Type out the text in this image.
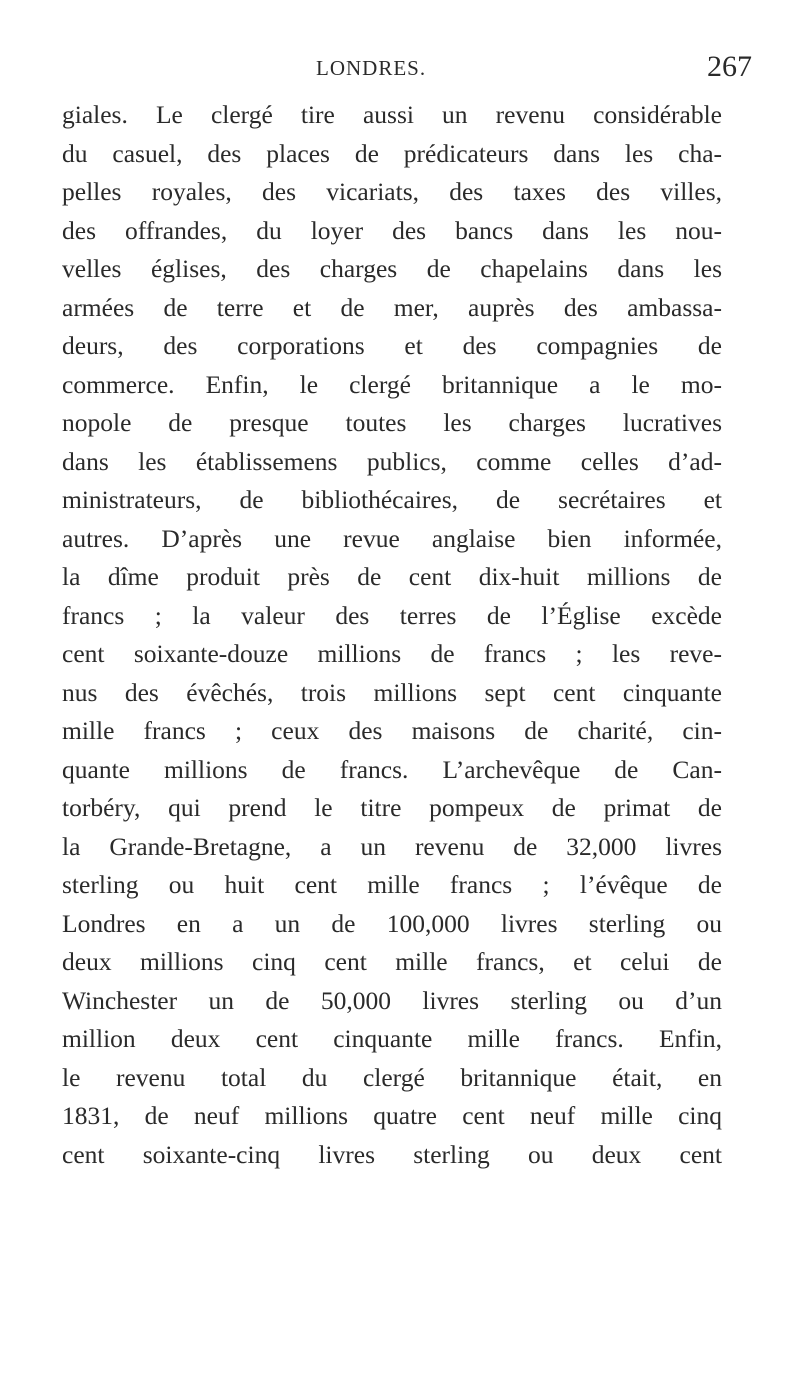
LONDRES.	267
giales. Le clergé tire aussi un revenu considérable
du casuel, des places de prédicateurs dans les cha-
pelles royales, des vicariats, des taxes des villes,
des offrandes, du loyer des bancs dans les nou-
velles églises, des charges de chapelains dans les
armées de terre et de mer, auprès des ambassa-
deurs, des corporations et des compagnies de
commerce. Enfin, le clergé britannique a le mo-
nopole de presque toutes les charges lucratives
dans les établissemens publics, comme celles d’ad-
ministrateurs, de bibliothécaires, de secrétaires et
autres. D’après une revue anglaise bien informée,
la dîme produit près de cent dix-huit millions de
francs ; la valeur des terres de l’Église excède
cent soixante-douze millions de francs ; les reve-
nus des évêchés, trois millions sept cent cinquante
mille francs ; ceux des maisons de charité, cin-
quante millions de francs. L’archevêque de Can-
torbéry, qui prend le titre pompeux de primat de
la Grande-Bretagne, a un revenu de 32,000 livres
sterling ou huit cent mille francs ; l’évêque de
Londres en a un de 100,000 livres sterling ou
deux millions cinq cent mille francs, et celui de
Winchester un de 50,000 livres sterling ou d’un
million deux cent cinquante mille francs. Enfin,
le revenu total du clergé britannique était, en
1831, de neuf millions quatre cent neuf mille cinq
cent soixante-cinq livres sterling ou deux cent
